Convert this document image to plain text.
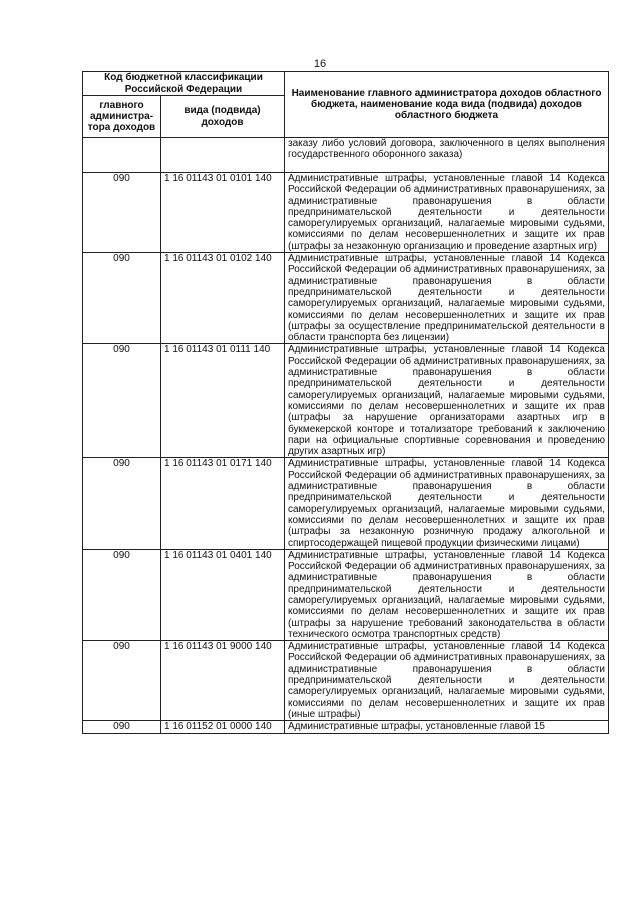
16
Код бюджетной классификации Российской Федерации		Наименование главного администратора доходов областного бюджета, наименование кода вида (подвида) доходов областного бюджета
главного администра-тора доходов	вида (подвида) доходов	
		заказу либо условий договора, заключенного в целях выполнения государственного оборонного заказа)
090	1 16 01143 01 0101 140	Административные штрафы, установленные главой 14 Кодекса Российской Федерации об административных правонарушениях, за административные правонарушения в области предпринимательской деятельности и деятельности саморегулируемых организаций, налагаемые мировыми судьями, комиссиями по делам несовершеннолетних и защите их прав (штрафы за незаконную организацию и проведение азартных игр)
090	1 16 01143 01 0102 140	Административные штрафы, установленные главой 14 Кодекса Российской Федерации об административных правонарушениях, за административные правонарушения в области предпринимательской деятельности и деятельности саморегулируемых организаций, налагаемые мировыми судьями, комиссиями по делам несовершеннолетних и защите их прав (штрафы за осуществление предпринимательской деятельности в области транспорта без лицензии)
090	1 16 01143 01 0111 140	Административные штрафы, установленные главой 14 Кодекса Российской Федерации об административных правонарушениях, за административные правонарушения в области предпринимательской деятельности и деятельности саморегулируемых организаций, налагаемые мировыми судьями, комиссиями по делам несовершеннолетних и защите их прав (штрафы за нарушение организаторами азартных игр в букмекерской конторе и тотализаторе требований к заключению пари на официальные спортивные соревнования и проведению других азартных игр)
090	1 16 01143 01 0171 140	Административные штрафы, установленные главой 14 Кодекса Российской Федерации об административных правонарушениях, за административные правонарушения в области предпринимательской деятельности и деятельности саморегулируемых организаций, налагаемые мировыми судьями, комиссиями по делам несовершеннолетних и защите их прав (штрафы за незаконную розничную продажу алкогольной и спиртосодержащей пищевой продукции физическими лицами)
090	1 16 01143 01 0401 140	Административные штрафы, установленные главой 14 Кодекса Российской Федерации об административных правонарушениях, за административные правонарушения в области предпринимательской деятельности и деятельности саморегулируемых организаций, налагаемые мировыми судьями, комиссиями по делам несовершеннолетних и защите их прав (штрафы за нарушение требований законодательства в области технического осмотра транспортных средств)
090	1 16 01143 01 9000 140	Административные штрафы, установленные главой 14 Кодекса Российской Федерации об административных правонарушениях, за административные правонарушения в области предпринимательской деятельности и деятельности саморегулируемых организаций, налагаемые мировыми судьями, комиссиями по делам несовершеннолетних и защите их прав (иные штрафы)
090	1 16 01152 01 0000 140	Административные штрафы, установленные главой 15
